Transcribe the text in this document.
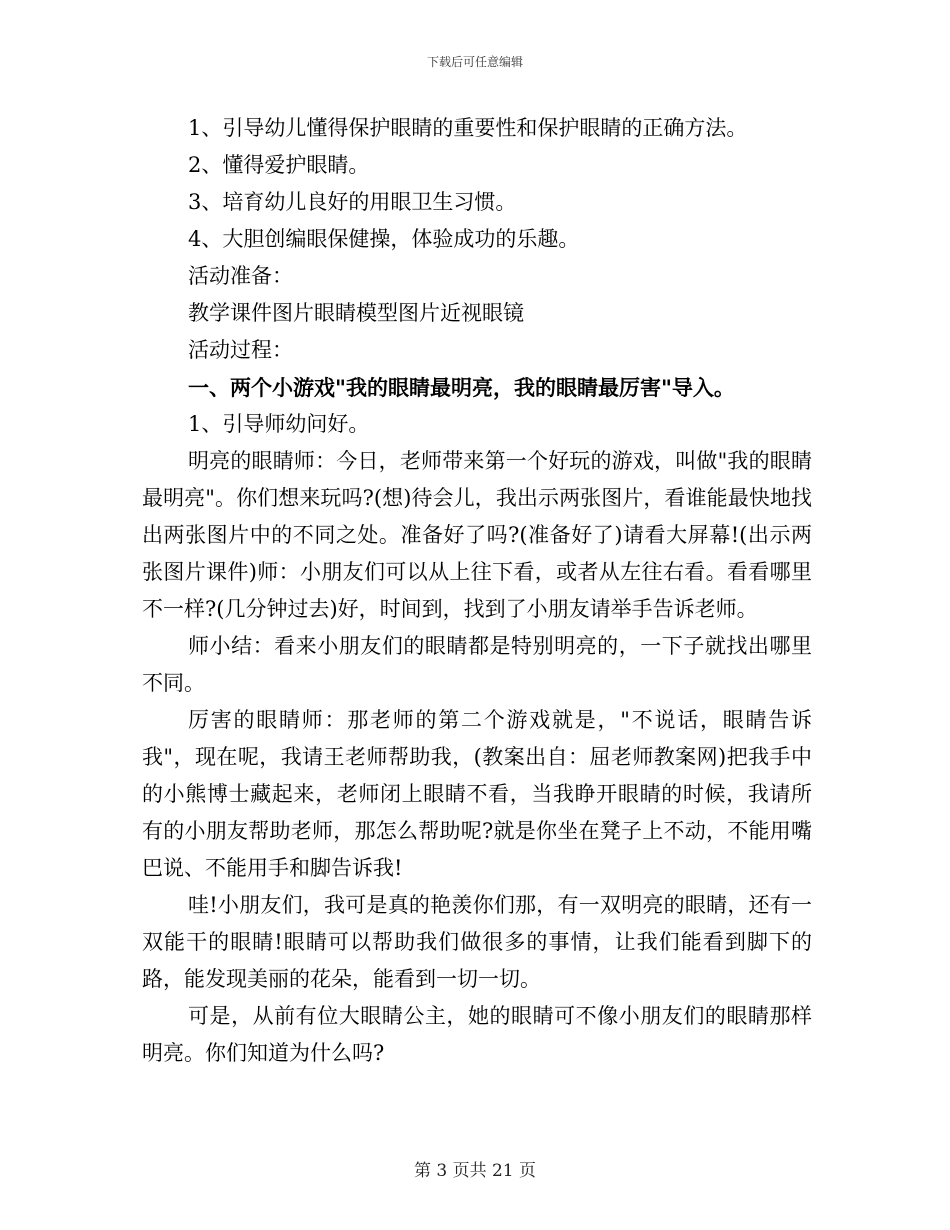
下载后可任意编辑

1、引导幼儿懂得保护眼睛的重要性和保护眼睛的正确方法。

2、懂得爱护眼睛。

3、培育幼儿良好的用眼卫生习惯。

4、大胆创编眼保健操，体验成功的乐趣。

活动准备：

教学课件图片眼睛模型图片近视眼镜

活动过程：

一、两个小游戏"我的眼睛最明亮，我的眼睛最厉害"导入。

1、引导师幼问好。

明亮的眼睛师：今日，老师带来第一个好玩的游戏，叫做"我的眼睛最明亮"。你们想来玩吗?(想)待会儿，我出示两张图片，看谁能最快地找出两张图片中的不同之处。准备好了吗?(准备好了)请看大屏幕!(出示两张图片课件)师：小朋友们可以从上往下看，或者从左往右看。看看哪里不一样?(几分钟过去)好，时间到，找到了小朋友请举手告诉老师。

师小结：看来小朋友们的眼睛都是特别明亮的，一下子就找出哪里不同。

厉害的眼睛师：那老师的第二个游戏就是，"不说话，眼睛告诉我"，现在呢，我请王老师帮助我，(教案出自：屈老师教案网)把我手中的小熊博士藏起来，老师闭上眼睛不看，当我睁开眼睛的时候，我请所有的小朋友帮助老师，那怎么帮助呢?就是你坐在凳子上不动，不能用嘴巴说、不能用手和脚告诉我!

哇!小朋友们，我可是真的艳羡你们那，有一双明亮的眼睛，还有一双能干的眼睛!眼睛可以帮助我们做很多的事情，让我们能看到脚下的路，能发现美丽的花朵，能看到一切一切。

可是，从前有位大眼睛公主，她的眼睛可不像小朋友们的眼睛那样明亮。你们知道为什么吗?

第 3 页共 21 页
